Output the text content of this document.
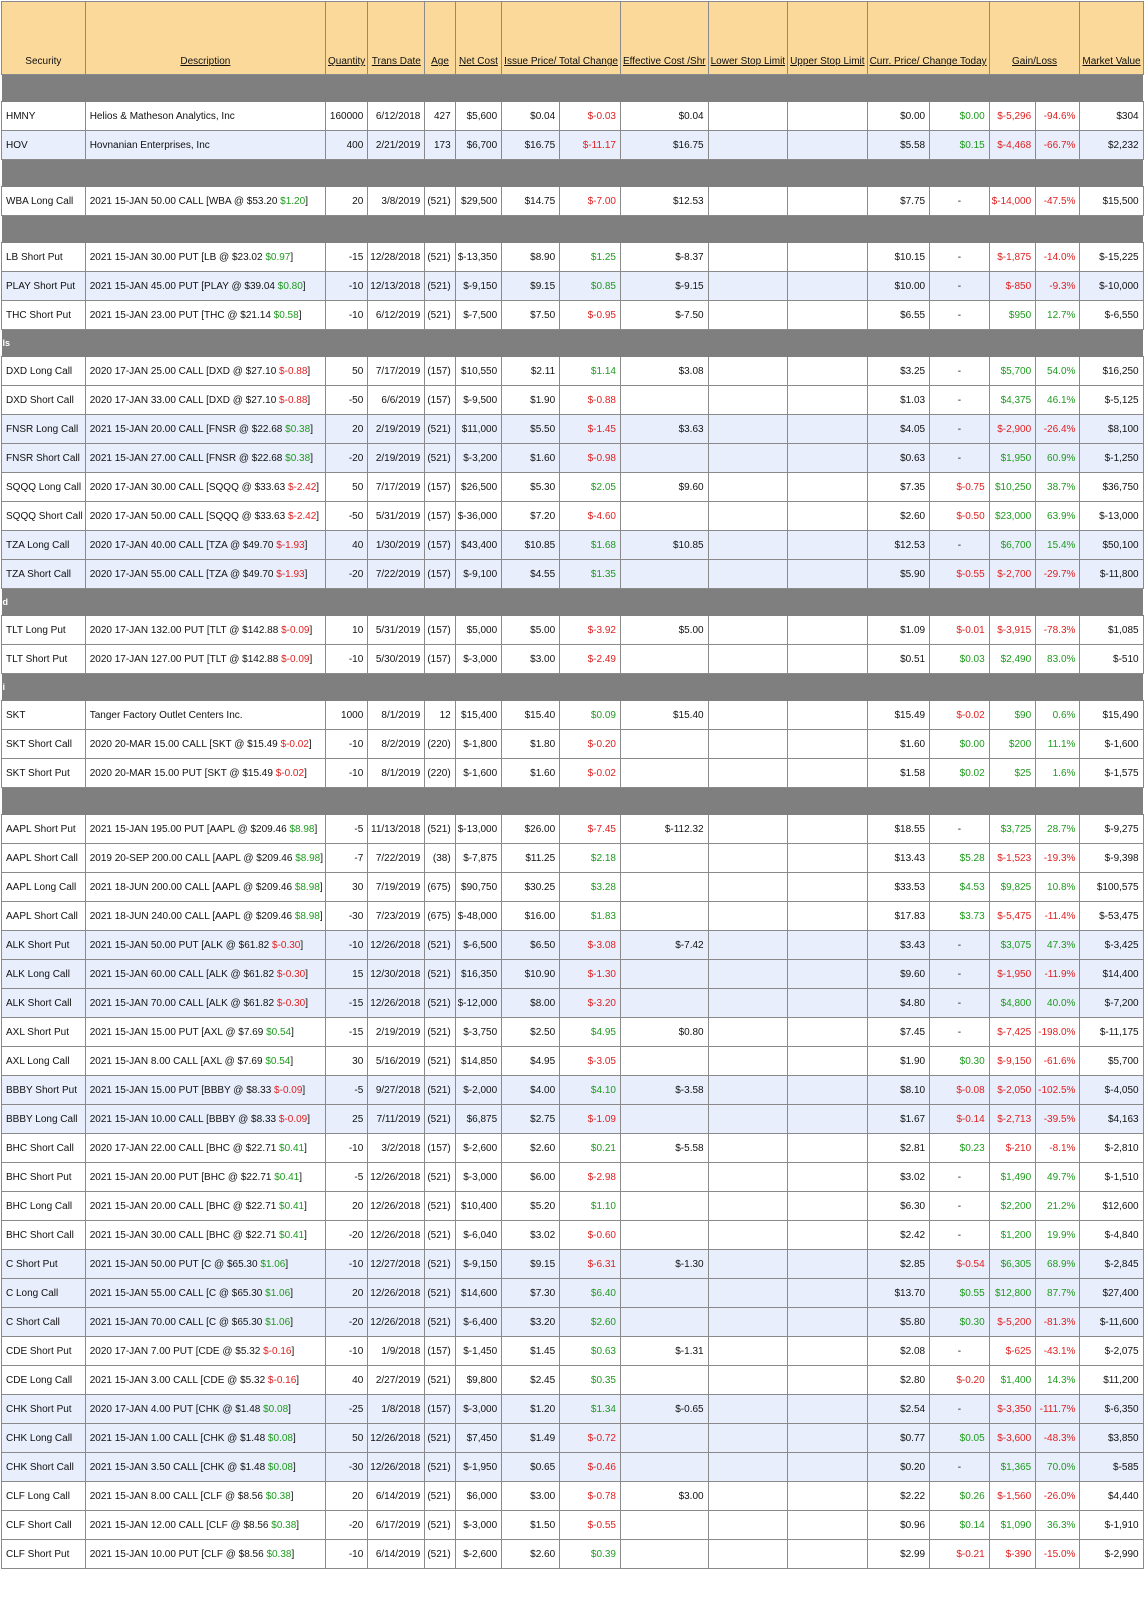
Security	Description	Quantity	Trans Date	Age	Net Cost	Issue Price/ Total Change		Effective Cost /Shr	Lower Stop Limit	Upper Stop Limit	Curr. Price/ Change Today		Gain/Loss		Market Value

HMNY	Helios & Matheson Analytics, Inc	160000	6/12/2018	427	$5,600	$0.04	$-0.03	$0.04			$0.00	$0.00	$-5,296	-94.6%	$304
HOV	Hovnanian Enterprises, Inc	400	2/21/2019	173	$6,700	$16.75	$-11.17	$16.75			$5.58	$0.15	$-4,468	-66.7%	$2,232

WBA Long Call	2021 15-JAN 50.00 CALL [WBA @ $53.20 $1.20]	20	3/8/2019	(521)	$29,500	$14.75	$-7.00	$12.53			$7.75	-	$-14,000	-47.5%	$15,500

LB Short Put	2021 15-JAN 30.00 PUT [LB @ $23.02 $0.97]	-15	12/28/2018	(521)	$-13,350	$8.90	$1.25	$-8.37			$10.15	-	$-1,875	-14.0%	$-15,225
PLAY Short Put	2021 15-JAN 45.00 PUT [PLAY @ $39.04 $0.80]	-10	12/13/2018	(521)	$-9,150	$9.15	$0.85	$-9.15			$10.00	-	$-850	-9.3%	$-10,000
THC Short Put	2021 15-JAN 23.00 PUT [THC @ $21.14 $0.58]	-10	6/12/2019	(521)	$-7,500	$7.50	$-0.95	$-7.50			$6.55	-	$950	12.7%	$-6,550
ls															
DXD Long Call	2020 17-JAN 25.00 CALL [DXD @ $27.10 $-0.88]	50	7/17/2019	(157)	$10,550	$2.11	$1.14	$3.08			$3.25	-	$5,700	54.0%	$16,250
DXD Short Call	2020 17-JAN 33.00 CALL [DXD @ $27.10 $-0.88]	-50	6/6/2019	(157)	$-9,500	$1.90	$-0.88				$1.03	-	$4,375	46.1%	$-5,125
FNSR Long Call	2021 15-JAN 20.00 CALL [FNSR @ $22.68 $0.38]	20	2/19/2019	(521)	$11,000	$5.50	$-1.45	$3.63			$4.05	-	$-2,900	-26.4%	$8,100
FNSR Short Call	2021 15-JAN 27.00 CALL [FNSR @ $22.68 $0.38]	-20	2/19/2019	(521)	$-3,200	$1.60	$-0.98				$0.63	-	$1,950	60.9%	$-1,250
SQQQ Long Call	2020 17-JAN 30.00 CALL [SQQQ @ $33.63 $-2.42]	50	7/17/2019	(157)	$26,500	$5.30	$2.05	$9.60			$7.35	$-0.75	$10,250	38.7%	$36,750
SQQQ Short Call	2020 17-JAN 50.00 CALL [SQQQ @ $33.63 $-2.42]	-50	5/31/2019	(157)	$-36,000	$7.20	$-4.60				$2.60	$-0.50	$23,000	63.9%	$-13,000
TZA Long Call	2020 17-JAN 40.00 CALL [TZA @ $49.70 $-1.93]	40	1/30/2019	(157)	$43,400	$10.85	$1.68	$10.85			$12.53	-	$6,700	15.4%	$50,100
TZA Short Call	2020 17-JAN 55.00 CALL [TZA @ $49.70 $-1.93]	-20	7/22/2019	(157)	$-9,100	$4.55	$1.35				$5.90	$-0.55	$-2,700	-29.7%	$-11,800
d															
TLT Long Put	2020 17-JAN 132.00 PUT [TLT @ $142.88 $-0.09]	10	5/31/2019	(157)	$5,000	$5.00	$-3.92	$5.00			$1.09	$-0.01	$-3,915	-78.3%	$1,085
TLT Short Put	2020 17-JAN 127.00 PUT [TLT @ $142.88 $-0.09]	-10	5/30/2019	(157)	$-3,000	$3.00	$-2.49				$0.51	$0.03	$2,490	83.0%	$-510
i															
SKT	Tanger Factory Outlet Centers Inc.	1000	8/1/2019	12	$15,400	$15.40	$0.09	$15.40			$15.49	$-0.02	$90	0.6%	$15,490
SKT Short Call	2020 20-MAR 15.00 CALL [SKT @ $15.49 $-0.02]	-10	8/2/2019	(220)	$-1,800	$1.80	$-0.20				$1.60	$0.00	$200	11.1%	$-1,600
SKT Short Put	2020 20-MAR 15.00 PUT [SKT @ $15.49 $-0.02]	-10	8/1/2019	(220)	$-1,600	$1.60	$-0.02				$1.58	$0.02	$25	1.6%	$-1,575

AAPL Short Put	2021 15-JAN 195.00 PUT [AAPL @ $209.46 $8.98]	-5	11/13/2018	(521)	$-13,000	$26.00	$-7.45	$-112.32			$18.55	-	$3,725	28.7%	$-9,275
AAPL Short Call	2019 20-SEP 200.00 CALL [AAPL @ $209.46 $8.98]	-7	7/22/2019	(38)	$-7,875	$11.25	$2.18				$13.43	$5.28	$-1,523	-19.3%	$-9,398
AAPL Long Call	2021 18-JUN 200.00 CALL [AAPL @ $209.46 $8.98]	30	7/19/2019	(675)	$90,750	$30.25	$3.28				$33.53	$4.53	$9,825	10.8%	$100,575
AAPL Short Call	2021 18-JUN 240.00 CALL [AAPL @ $209.46 $8.98]	-30	7/23/2019	(675)	$-48,000	$16.00	$1.83				$17.83	$3.73	$-5,475	-11.4%	$-53,475
ALK Short Put	2021 15-JAN 50.00 PUT [ALK @ $61.82 $-0.30]	-10	12/26/2018	(521)	$-6,500	$6.50	$-3.08	$-7.42			$3.43	-	$3,075	47.3%	$-3,425
ALK Long Call	2021 15-JAN 60.00 CALL [ALK @ $61.82 $-0.30]	15	12/30/2018	(521)	$16,350	$10.90	$-1.30				$9.60	-	$-1,950	-11.9%	$14,400
ALK Short Call	2021 15-JAN 70.00 CALL [ALK @ $61.82 $-0.30]	-15	12/26/2018	(521)	$-12,000	$8.00	$-3.20				$4.80	-	$4,800	40.0%	$-7,200
AXL Short Put	2021 15-JAN 15.00 PUT [AXL @ $7.69 $0.54]	-15	2/19/2019	(521)	$-3,750	$2.50	$4.95	$0.80			$7.45	-	$-7,425	-198.0%	$-11,175
AXL Long Call	2021 15-JAN 8.00 CALL [AXL @ $7.69 $0.54]	30	5/16/2019	(521)	$14,850	$4.95	$-3.05				$1.90	$0.30	$-9,150	-61.6%	$5,700
BBBY Short Put	2021 15-JAN 15.00 PUT [BBBY @ $8.33 $-0.09]	-5	9/27/2018	(521)	$-2,000	$4.00	$4.10	$-3.58			$8.10	$-0.08	$-2,050	-102.5%	$-4,050
BBBY Long Call	2021 15-JAN 10.00 CALL [BBBY @ $8.33 $-0.09]	25	7/11/2019	(521)	$6,875	$2.75	$-1.09				$1.67	$-0.14	$-2,713	-39.5%	$4,163
BHC Short Call	2020 17-JAN 22.00 CALL [BHC @ $22.71 $0.41]	-10	3/2/2018	(157)	$-2,600	$2.60	$0.21	$-5.58			$2.81	$0.23	$-210	-8.1%	$-2,810
BHC Short Put	2021 15-JAN 20.00 PUT [BHC @ $22.71 $0.41]	-5	12/26/2018	(521)	$-3,000	$6.00	$-2.98				$3.02	-	$1,490	49.7%	$-1,510
BHC Long Call	2021 15-JAN 20.00 CALL [BHC @ $22.71 $0.41]	20	12/26/2018	(521)	$10,400	$5.20	$1.10				$6.30	-	$2,200	21.2%	$12,600
BHC Short Call	2021 15-JAN 30.00 CALL [BHC @ $22.71 $0.41]	-20	12/26/2018	(521)	$-6,040	$3.02	$-0.60				$2.42	-	$1,200	19.9%	$-4,840
C Short Put	2021 15-JAN 50.00 PUT [C @ $65.30 $1.06]	-10	12/27/2018	(521)	$-9,150	$9.15	$-6.31	$-1.30			$2.85	$-0.54	$6,305	68.9%	$-2,845
C Long Call	2021 15-JAN 55.00 CALL [C @ $65.30 $1.06]	20	12/26/2018	(521)	$14,600	$7.30	$6.40				$13.70	$0.55	$12,800	87.7%	$27,400
C Short Call	2021 15-JAN 70.00 CALL [C @ $65.30 $1.06]	-20	12/26/2018	(521)	$-6,400	$3.20	$2.60				$5.80	$0.30	$-5,200	-81.3%	$-11,600
CDE Short Put	2020 17-JAN 7.00 PUT [CDE @ $5.32 $-0.16]	-10	1/9/2018	(157)	$-1,450	$1.45	$0.63	$-1.31			$2.08	-	$-625	-43.1%	$-2,075
CDE Long Call	2021 15-JAN 3.00 CALL [CDE @ $5.32 $-0.16]	40	2/27/2019	(521)	$9,800	$2.45	$0.35				$2.80	$-0.20	$1,400	14.3%	$11,200
CHK Short Put	2020 17-JAN 4.00 PUT [CHK @ $1.48 $0.08]	-25	1/8/2018	(157)	$-3,000	$1.20	$1.34	$-0.65			$2.54	-	$-3,350	-111.7%	$-6,350
CHK Long Call	2021 15-JAN 1.00 CALL [CHK @ $1.48 $0.08]	50	12/26/2018	(521)	$7,450	$1.49	$-0.72				$0.77	$0.05	$-3,600	-48.3%	$3,850
CHK Short Call	2021 15-JAN 3.50 CALL [CHK @ $1.48 $0.08]	-30	12/26/2018	(521)	$-1,950	$0.65	$-0.46				$0.20	-	$1,365	70.0%	$-585
CLF Long Call	2021 15-JAN 8.00 CALL [CLF @ $8.56 $0.38]	20	6/14/2019	(521)	$6,000	$3.00	$-0.78	$3.00			$2.22	$0.26	$-1,560	-26.0%	$4,440
CLF Short Call	2021 15-JAN 12.00 CALL [CLF @ $8.56 $0.38]	-20	6/17/2019	(521)	$-3,000	$1.50	$-0.55				$0.96	$0.14	$1,090	36.3%	$-1,910
CLF Short Put	2021 15-JAN 10.00 PUT [CLF @ $8.56 $0.38]	-10	6/14/2019	(521)	$-2,600	$2.60	$0.39				$2.99	$-0.21	$-390	-15.0%	$-2,990
